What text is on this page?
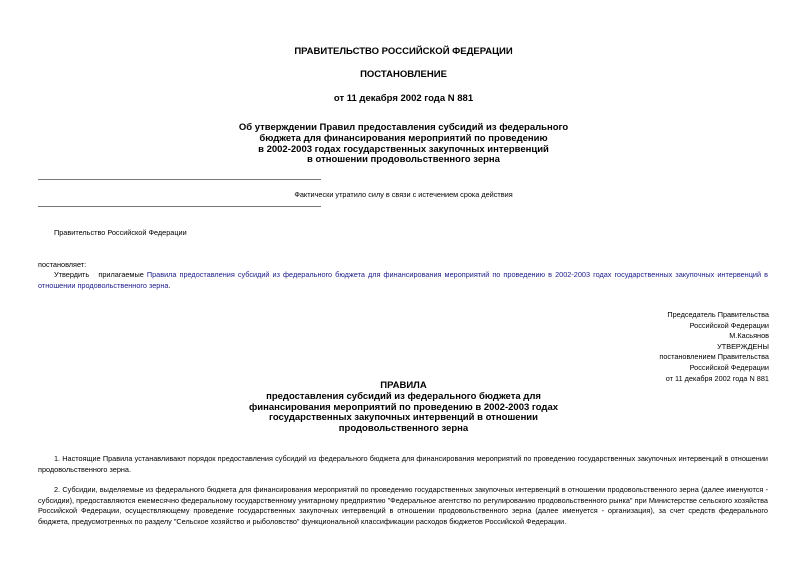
ПРАВИТЕЛЬСТВО РОССИЙСКОЙ ФЕДЕРАЦИИ
ПОСТАНОВЛЕНИЕ
от 11 декабря 2002 года N 881
Об утверждении Правил предоставления субсидий из федерального
бюджета для финансирования мероприятий по проведению
в 2002-2003 годах государственных закупочных интервенций
в отношении продовольственного зерна
Фактически утратило силу в связи с истечением срока действия
Правительство Российской Федерации
постановляет:
Утвердить   прилагаемые Правила предоставления субсидий из федерального бюджета для финансирования мероприятий по проведению в 2002-2003 годах государственных закупочных интервенций в отношении продовольственного зерна.
Председатель Правительства
Российской Федерации
М.Касьянов
УТВЕРЖДЕНЫ
постановлением Правительства
Российской Федерации
от 11 декабря 2002 года N 881
ПРАВИЛА
предоставления субсидий из федерального бюджета для
финансирования мероприятий по проведению в 2002-2003 годах
государственных закупочных интервенций в отношении
продовольственного зерна
1. Настоящие Правила устанавливают порядок предоставления субсидий из федерального бюджета для финансирования мероприятий по проведению государственных закупочных интервенций в отношении продовольственного зерна.
2. Субсидии, выделяемые из федерального бюджета для финансирования мероприятий по проведению государственных закупочных интервенций в отношении продовольственного зерна (далее именуются - субсидии), предоставляются ежемесячно федеральному государственному унитарному предприятию "Федеральное агентство по регулированию продовольственного рынка" при Министерстве сельского хозяйства Российской Федерации, осуществляющему проведение государственных закупочных интервенций в отношении продовольственного зерна (далее именуется - организация), за счет средств федерального бюджета, предусмотренных по разделу "Сельское хозяйство и рыболовство" функциональной классификации расходов бюджетов Российской Федерации.
